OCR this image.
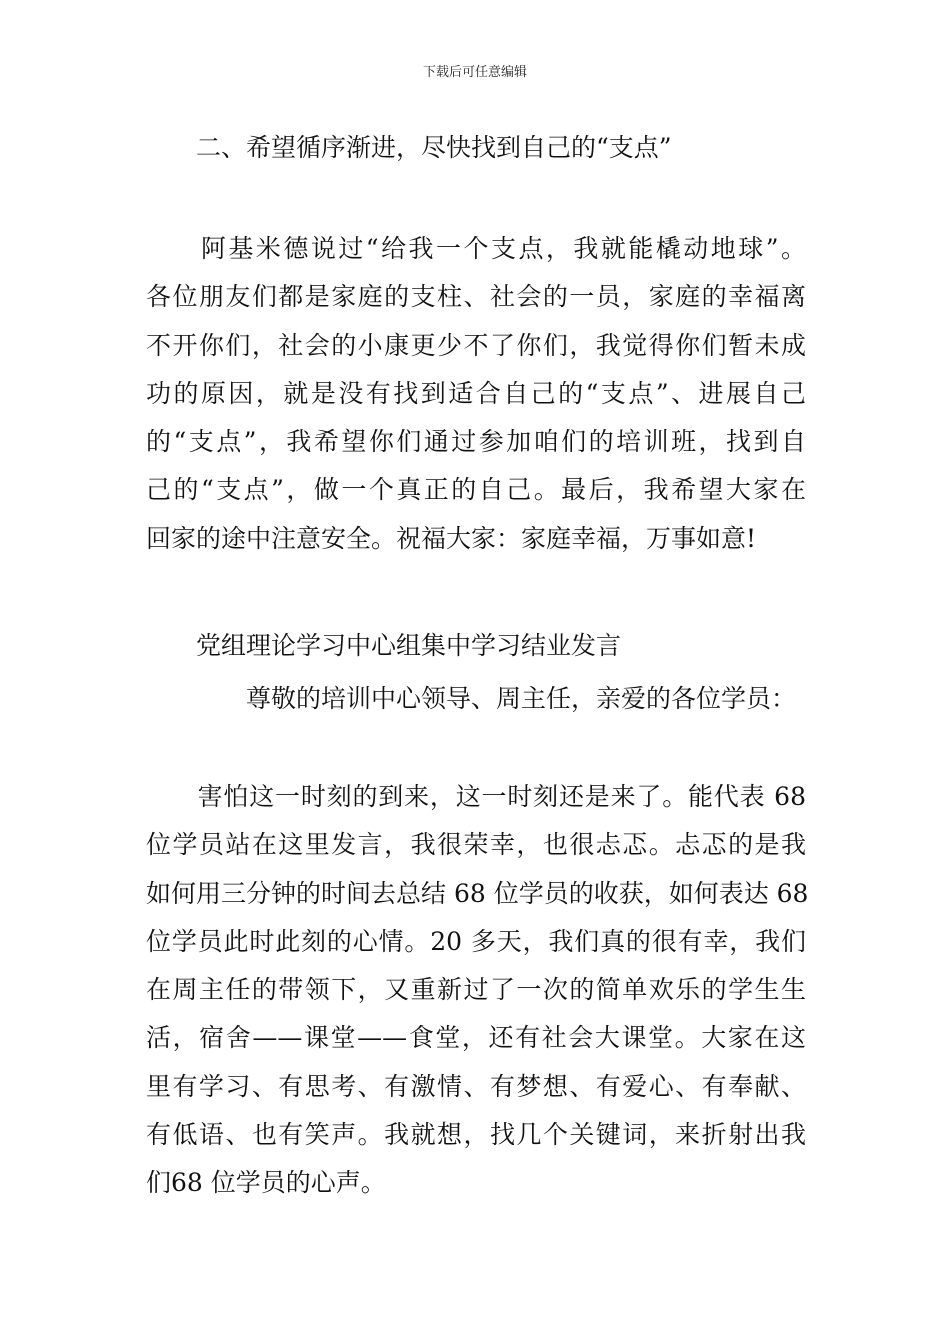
下载后可任意编辑
二、希望循序渐进，尽快找到自己的“支点”
　　阿基米德说过“给我一个支点，我就能橇动地球”。
各位朋友们都是家庭的支柱、社会的一员，家庭的幸福离
不开你们，社会的小康更少不了你们，我觉得你们暂未成
功的原因，就是没有找到适合自己的“支点”、进展自己
的“支点”，我希望你们通过参加咱们的培训班，找到自
己的“支点”，做一个真正的自己。最后，我希望大家在
回家的途中注意安全。祝福大家：家庭幸福，万事如意!
党组理论学习中心组集中学习结业发言
尊敬的培训中心领导、周主任，亲爱的各位学员：
　　害怕这一时刻的到来，这一时刻还是来了。能代表 68
位学员站在这里发言，我很荣幸，也很忐忑。忐忑的是我
如何用三分钟的时间去总结 68 位学员的收获，如何表达 68
位学员此时此刻的心情。20 多天，我们真的很有幸，我们
在周主任的带领下，又重新过了一次的简单欢乐的学生生
活，宿舍——课堂——食堂，还有社会大课堂。大家在这
里有学习、有思考、有激情、有梦想、有爱心、有奉献、
有低语、也有笑声。我就想，找几个关键词，来折射出我
们68 位学员的心声。
